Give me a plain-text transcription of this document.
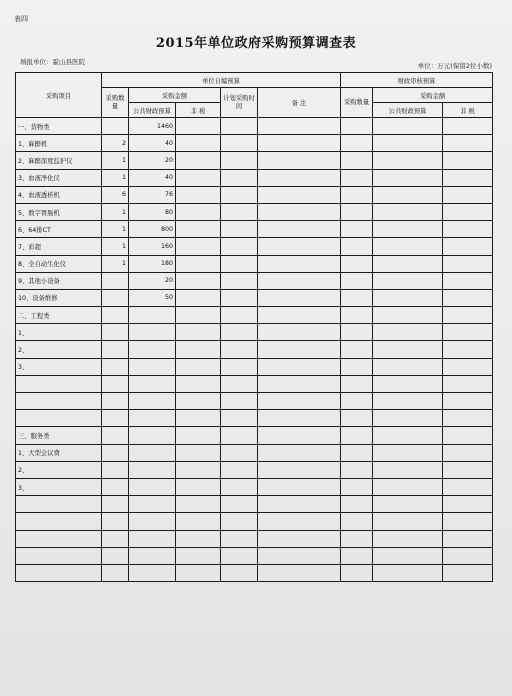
表四
2015年单位政府采购预算调查表
填报单位：霍山县医院	单位：万元(保留2位小数)
采购项目	单位自编预算					财政审核预算		
	采购数量	采购金额		计划采购时间	备 注	采购数量	采购金额	
		公共财政预算	非 税				公共财政预算	非 税
一、货物类		1460						
1、麻醉机	2	40						
2、麻醉深度监护仪	1	20						
3、血液净化仪	1	40						
4、血液透析机	6	76						
5、数字胃肠机	1	80						
6、64排CT	1	800						
7、彩超	1	160						
8、全自动生化仪	1	180						
9、其他小设备		20						
10、设备维修		50						
二、工程类								
1、								
2、								
3、								

三、服务类								
1、大型会议费								
2、								
3、								
